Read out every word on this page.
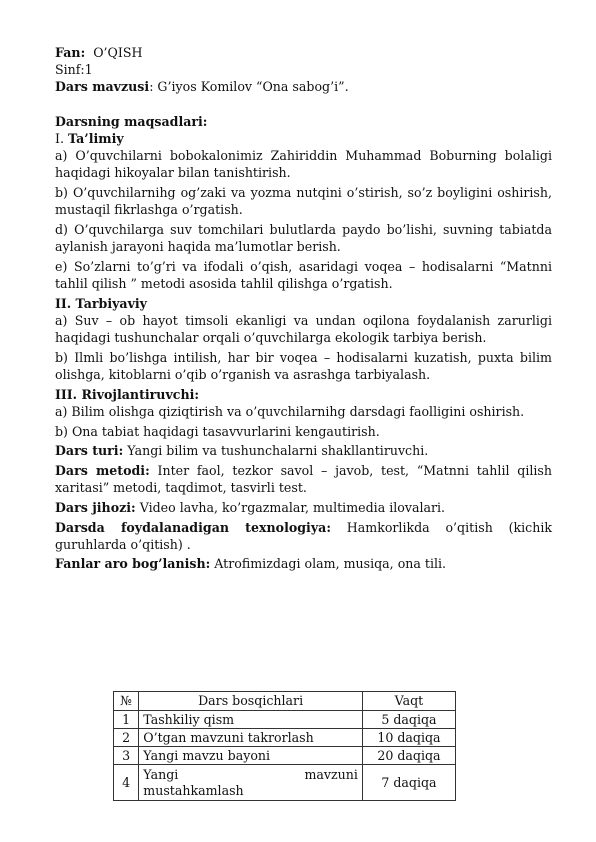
Fan: O’QISH
Sinf:1
Dars mavzusi: G’iyos Komilov “Ona sabog’i”.
Darsning maqsadlari:
I. Ta’limiy
a) O’quvchilarni bobokalonimiz Zahiriddin Muhammad Boburning bolaligi haqidagi hikoyalar bilan tanishtirish.
b) O’quvchilarnihg og’zaki va yozma nutqini o’stirish, so’z boyligini oshirish, mustaqil fikrlashga o’rgatish.
d) O’quvchilarga suv tomchilari bulutlarda paydo bo’lishi, suvning tabiatda aylanish jarayoni haqida ma’lumotlar berish.
e) So’zlarni to’g’ri va ifodali o’qish, asaridagi voqea – hodisalarni “Matnni tahlil qilish ” metodi asosida tahlil qilishga o’rgatish.
II. Tarbiyaviy
a) Suv – ob hayot timsoli ekanligi va undan oqilona foydalanish zarurligi haqidagi tushunchalar orqali o’quvchilarga ekologik tarbiya berish.
b) Ilmli bo’lishga intilish, har bir voqea – hodisalarni kuzatish, puxta bilim olishga, kitoblarni o’qib o’rganish va asrashga tarbiyalash.
III. Rivojlantiruvchi:
a) Bilim olishga qiziqtirish va o’quvchilarnihg darsdagi faolligini oshirish.
b) Ona tabiat haqidagi tasavvurlarini kengautirish.
Dars turi: Yangi bilim va tushunchalarni shakllantiruvchi.
Dars metodi: Inter faol, tezkor savol – javob, test, “Matnni tahlil qilish xaritasi” metodi, taqdimot, tasvirli test.
Dars jihozi: Video lavha, ko’rgazmalar, multimedia ilovalari.
Darsda foydalanadigan texnologiya: Hamkorlikda o’qitish (kichik guruhlarda o’qitish) .
Fanlar aro bog’lanish: Atrofimizdagi olam, musiqa, ona tili.
№	Dars bosqichlari	Vaqt
1	Tashkiliy qism	5 daqiqa
2	O’tgan mavzuni takrorlash	10 daqiqa
3	Yangi mavzu bayoni	20 daqiqa
4	Yangi mavzuni
mustahkamlash	7 daqiqa
